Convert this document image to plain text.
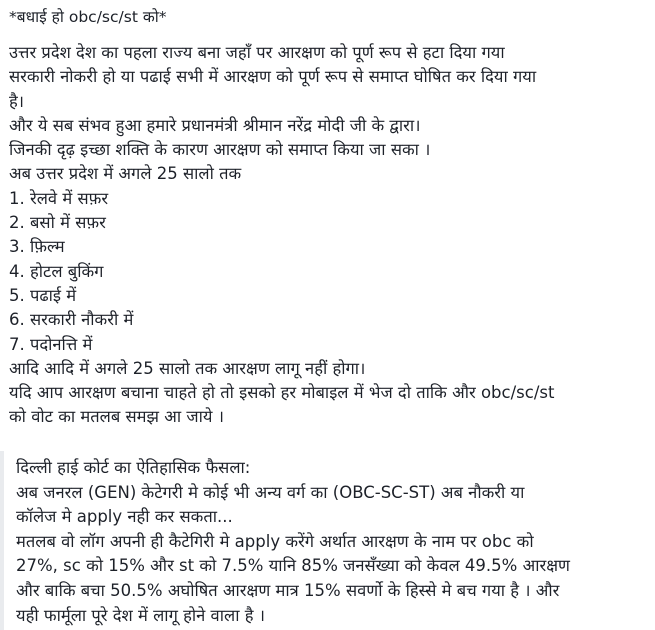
*बधाई हो obc/sc/st को*
उत्तर प्रदेश देश का पहला राज्य बना जहाँ पर आरक्षण को पूर्ण रूप से हटा दिया गया
सरकारी नोकरी हो या पढाई सभी में आरक्षण को पूर्ण रूप से समाप्त घोषित कर दिया गया
है।
और ये सब संभव हुआ हमारे प्रधानमंत्री श्रीमान नरेंद्र मोदी जी के द्वारा।
जिनकी दृढ़ इच्छा शक्ति के कारण आरक्षण को समाप्त किया जा सका ।
अब उत्तर प्रदेश में अगले 25 सालो तक
1. रेलवे में सफ़र
2. बसो में सफ़र
3. फ़िल्म
4. होटल बुकिंग
5. पढाई में
6. सरकारी नौकरी में
7. पदोनत्ति में
आदि आदि में अगले 25 सालो तक आरक्षण लागू नहीं होगा।
यदि आप आरक्षण बचाना चाहते हो तो इसको हर मोबाइल में भेज दो ताकि और obc/sc/st
को वोट का मतलब समझ आ जाये ।
दिल्ली हाई कोर्ट का ऐतिहासिक फैसला:
अब जनरल (GEN) केटेगरी मे कोई भी अन्य वर्ग का (OBC-SC-ST) अब नौकरी या
कॉलेज मे apply नही कर सकता...
मतलब वो लॉग अपनी ही कैटेगिरी मे apply करेंगे अर्थात आरक्षण के नाम पर obc को
27%, sc को 15% और st को 7.5% यानि 85% जनसँख्या को केवल 49.5% आरक्षण
और बाकि बचा 50.5% अघोषित आरक्षण मात्र 15% सवर्णो के हिस्से मे बच गया है । और
यही फार्मूला पूरे देश में लागू होने वाला है ।
